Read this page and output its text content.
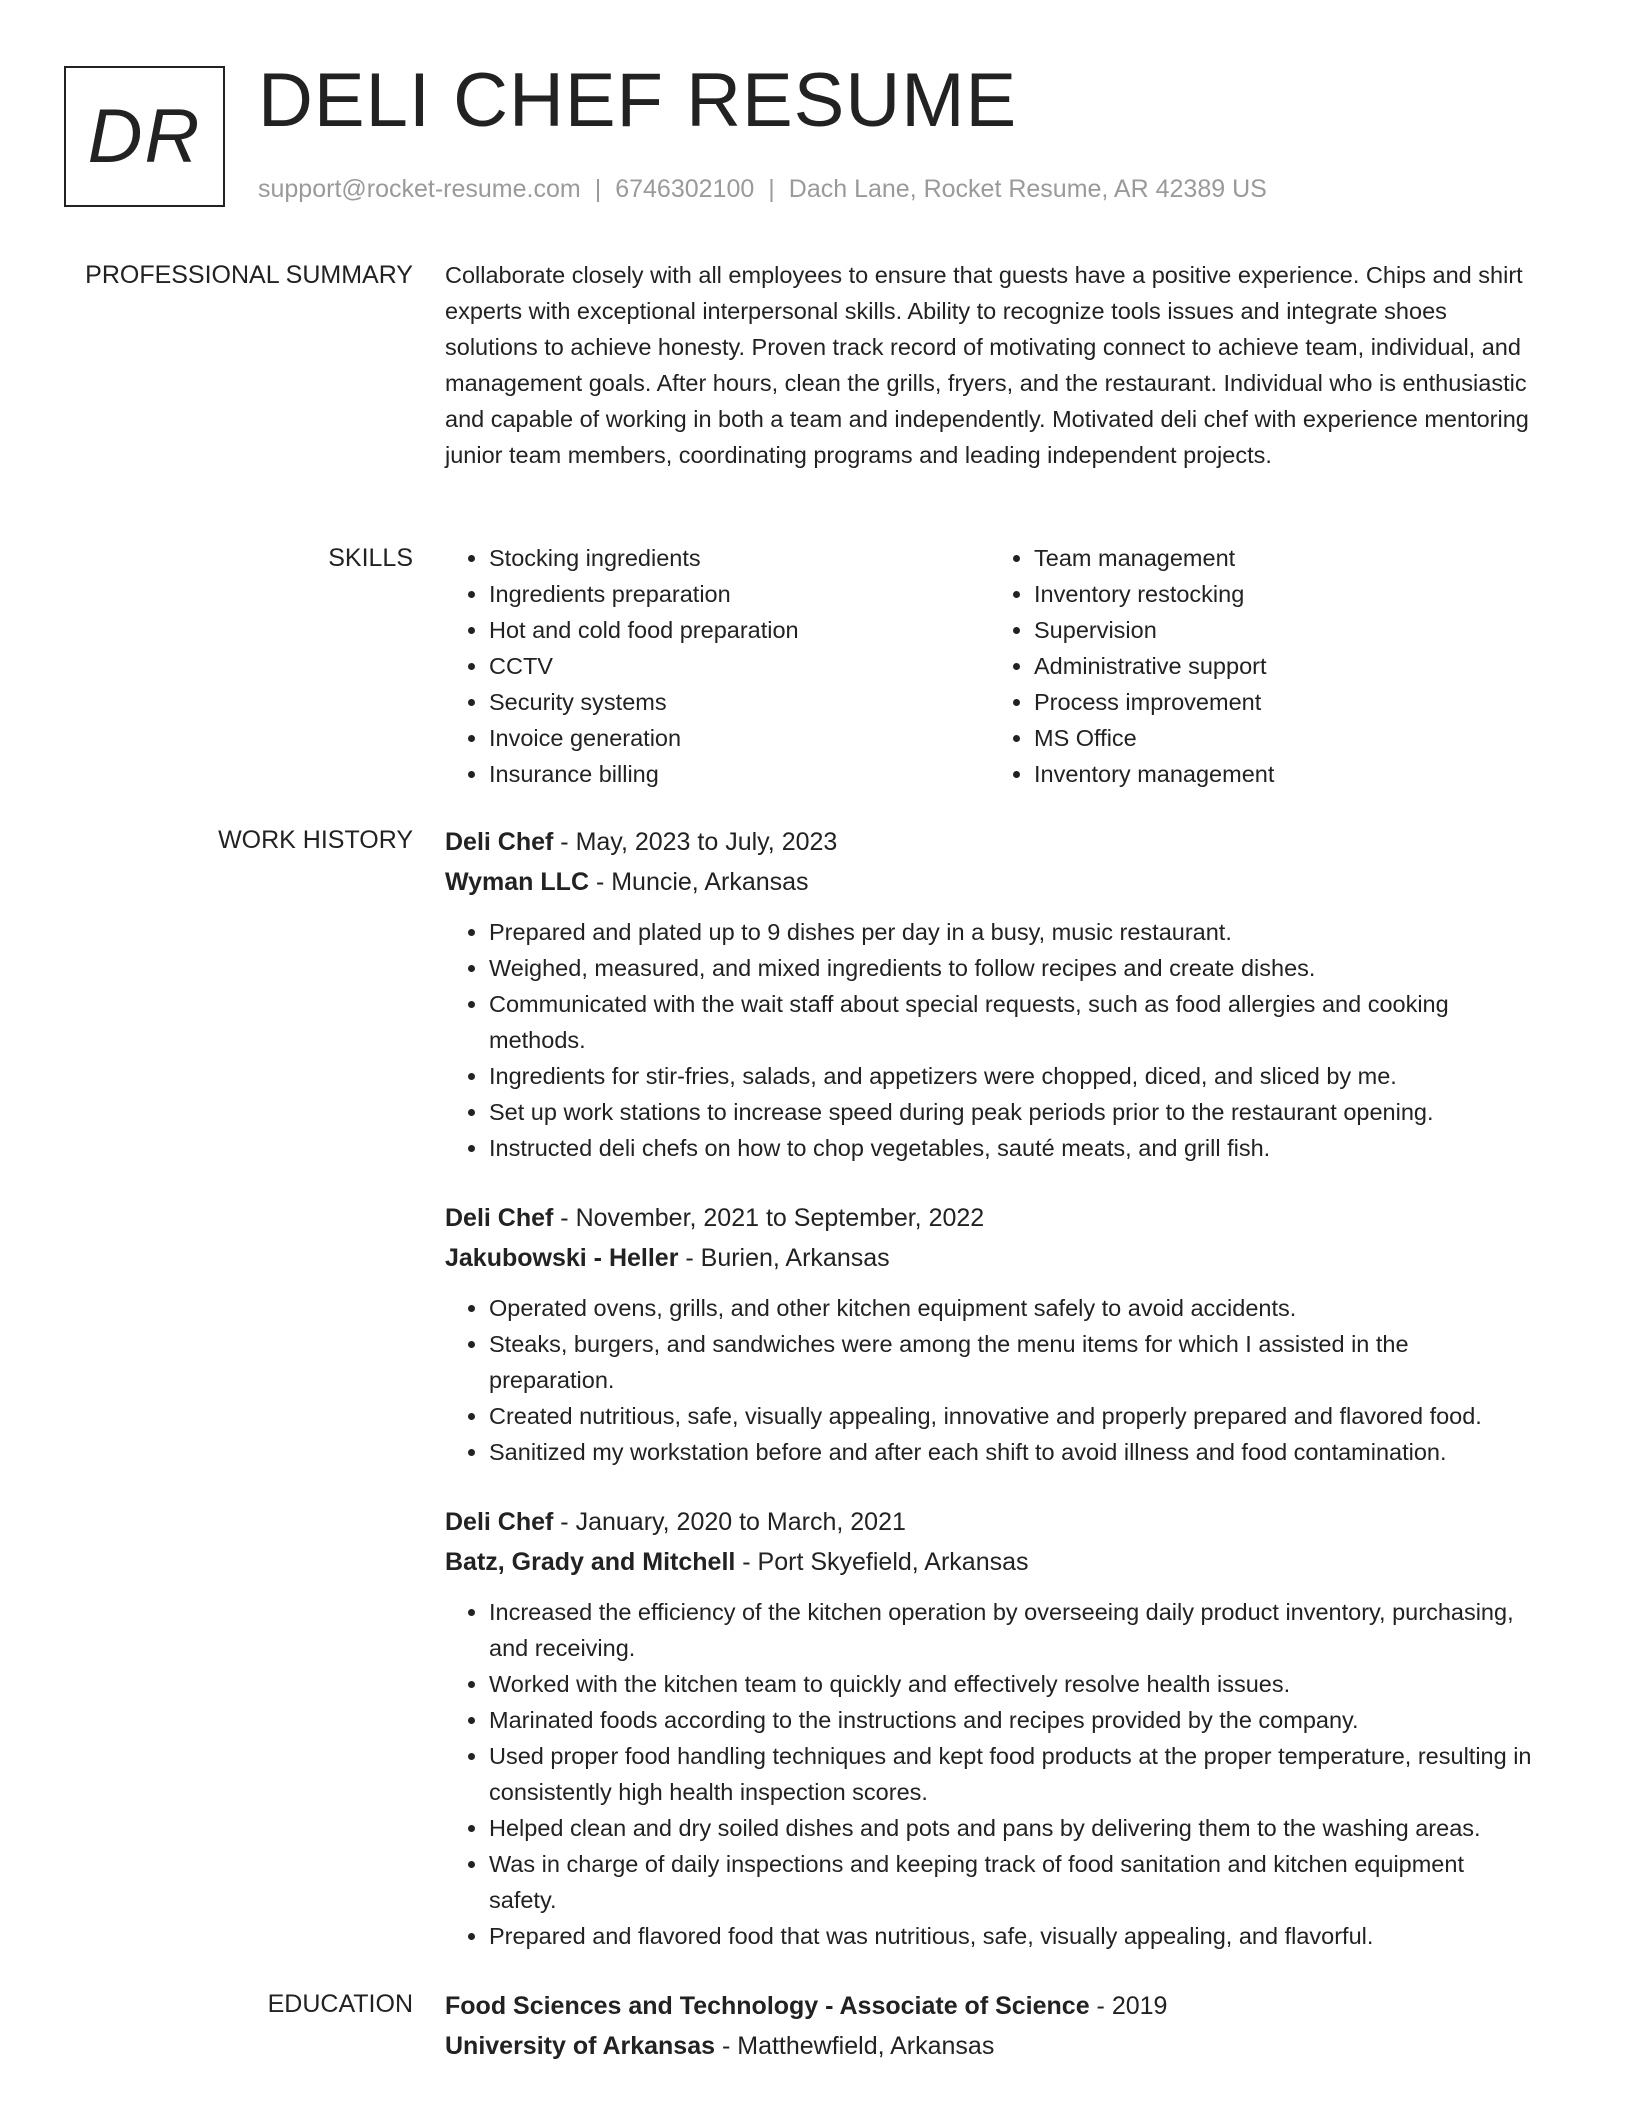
DR DELI CHEF RESUME
support@rocket-resume.com | 6746302100 | Dach Lane, Rocket Resume, AR 42389 US
PROFESSIONAL SUMMARY Collaborate closely with all employees to ensure that guests have a positive experience. Chips and shirt experts with exceptional interpersonal skills. Ability to recognize tools issues and integrate shoes solutions to achieve honesty. Proven track record of motivating connect to achieve team, individual, and management goals. After hours, clean the grills, fryers, and the restaurant. Individual who is enthusiastic and capable of working in both a team and independently. Motivated deli chef with experience mentoring junior team members, coordinating programs and leading independent projects.

SKILLS
•	Stocking ingredients
• Ingredients preparation
• Hot and cold food preparation
• CCTV
• Security systems
• Invoice generation
• Insurance billing
• Team management
• Inventory restocking
• Supervision
• Administrative support
• Process improvement
• MS Office
• Inventory management
WORK HISTORY Deli Chef - May, 2023 to July, 2023
Wyman LLC - Muncie, Arkansas
• Prepared and plated up to 9 dishes per day in a busy, music restaurant.
• Weighed, measured, and mixed ingredients to follow recipes and create dishes.
• Communicated with the wait staff about special requests, such as food allergies and cooking methods.
• Ingredients for stir-fries, salads, and appetizers were chopped, diced, and sliced by me.
• Set up work stations to increase speed during peak periods prior to the restaurant opening.
• Instructed deli chefs on how to chop vegetables, sauté meats, and grill fish.
Deli Chef - November, 2021 to September, 2022
Jakubowski - Heller - Burien, Arkansas
• Operated ovens, grills, and other kitchen equipment safely to avoid accidents.
• Steaks, burgers, and sandwiches were among the menu items for which I assisted in the preparation.
• Created nutritious, safe, visually appealing, innovative and properly prepared and flavored food.
• Sanitized my workstation before and after each shift to avoid illness and food contamination.
Deli Chef - January, 2020 to March, 2021
Batz, Grady and Mitchell - Port Skyefield, Arkansas
• Increased the efficiency of the kitchen operation by overseeing daily product inventory, purchasing, and receiving.
• Worked with the kitchen team to quickly and effectively resolve health issues.
• Marinated foods according to the instructions and recipes provided by the company.
• Used proper food handling techniques and kept food products at the proper temperature, resulting in consistently high health inspection scores.
• Helped clean and dry soiled dishes and pots and pans by delivering them to the washing areas.
• Was in charge of daily inspections and keeping track of food sanitation and kitchen equipment safety.
• Prepared and flavored food that was nutritious, safe, visually appealing, and flavorful.
EDUCATION Food Sciences and Technology - Associate of Science - 2019
University of Arkansas - Matthewfield, Arkansas
